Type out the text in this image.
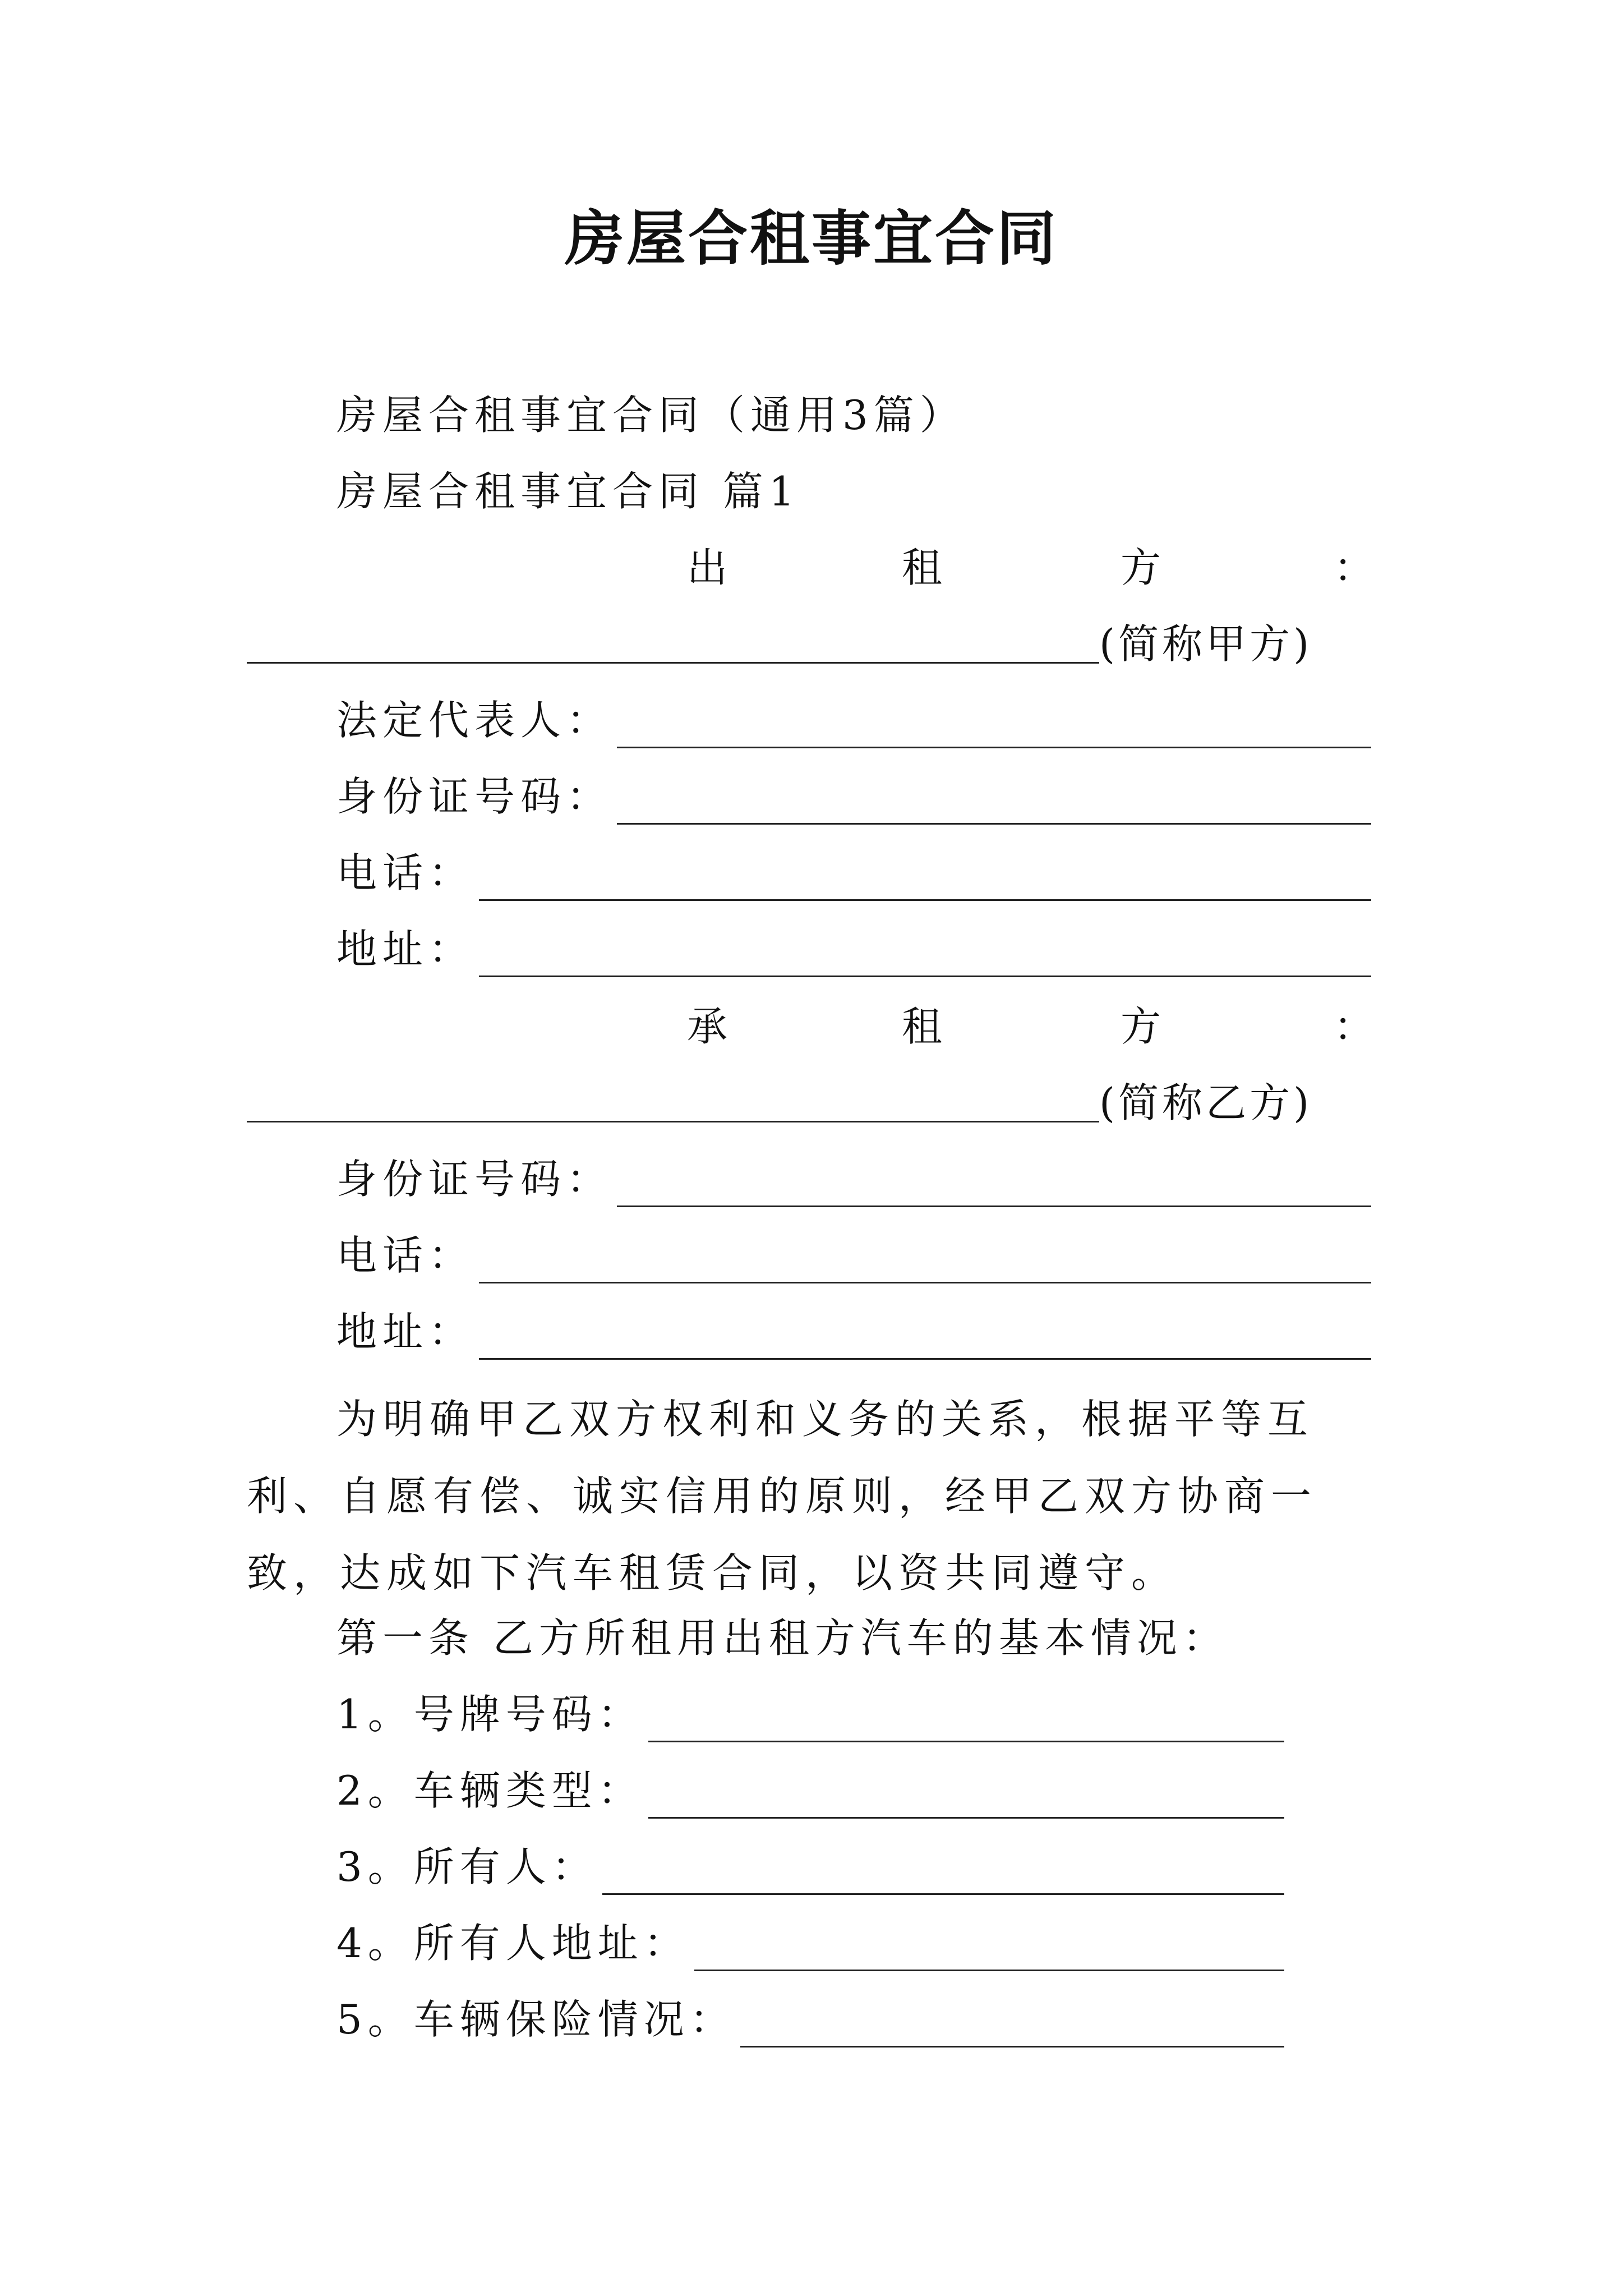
房屋合租事宜合同
房屋合租事宜合同（通用3篇）
房屋合租事宜合同 篇1
出	租	方	：
(简称甲方)
法定代表人：
身份证号码：
电话：
地址：
承	租	方	：
(简称乙方)
身份证号码：
电话：
地址：
为明确甲乙双方权利和义务的关系，根据平等互利、自愿有偿、诚实信用的原则，经甲乙双方协商一致，达成如下汽车租赁合同，以资共同遵守。
第一条 乙方所租用出租方汽车的基本情况：
1。号牌号码：
2。车辆类型：
3。所有人：
4。所有人地址：
5。车辆保险情况：
